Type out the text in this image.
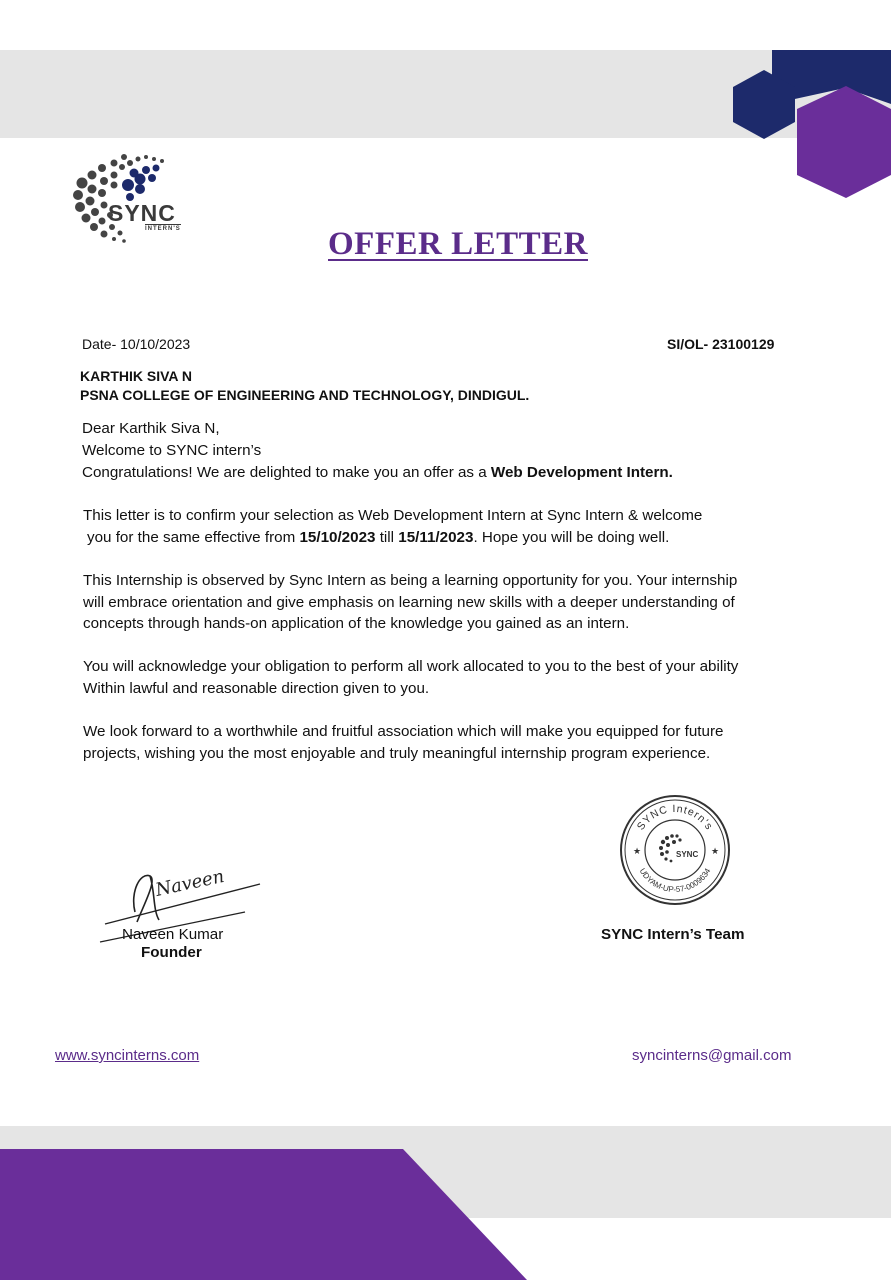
SYNC
INTERN'S	OFFER LETTER
Date- 10/10/2023	SI/OL- 23100129
KARTHIK SIVA N
PSNA COLLEGE OF ENGINEERING AND TECHNOLOGY, DINDIGUL.
Dear Karthik Siva N,
Welcome to SYNC intern’s
Congratulations! We are delighted to make you an offer as a Web Development Intern.
This letter is to confirm your selection as Web Development Intern at Sync Intern & welcome
you for the same effective from 15/10/2023 till 15/11/2023. Hope you will be doing well.
This Internship is observed by Sync Intern as being a learning opportunity for you. Your internship
will embrace orientation and give emphasis on learning new skills with a deeper understanding of
concepts through hands-on application of the knowledge you gained as an intern.
You will acknowledge your obligation to perform all work allocated to you to the best of your ability
Within lawful and reasonable direction given to you.
We look forward to a worthwhile and fruitful association which will make you equipped for future
projects, wishing you the most enjoyable and truly meaningful internship program experience.
SYNC Intern's
UDYAM-UP-57-0009634
★	★
SYNC
SYNC Intern’s Team
Naveen
Naveen Kumar
Founder
www.syncinterns.com	syncinterns@gmail.com
